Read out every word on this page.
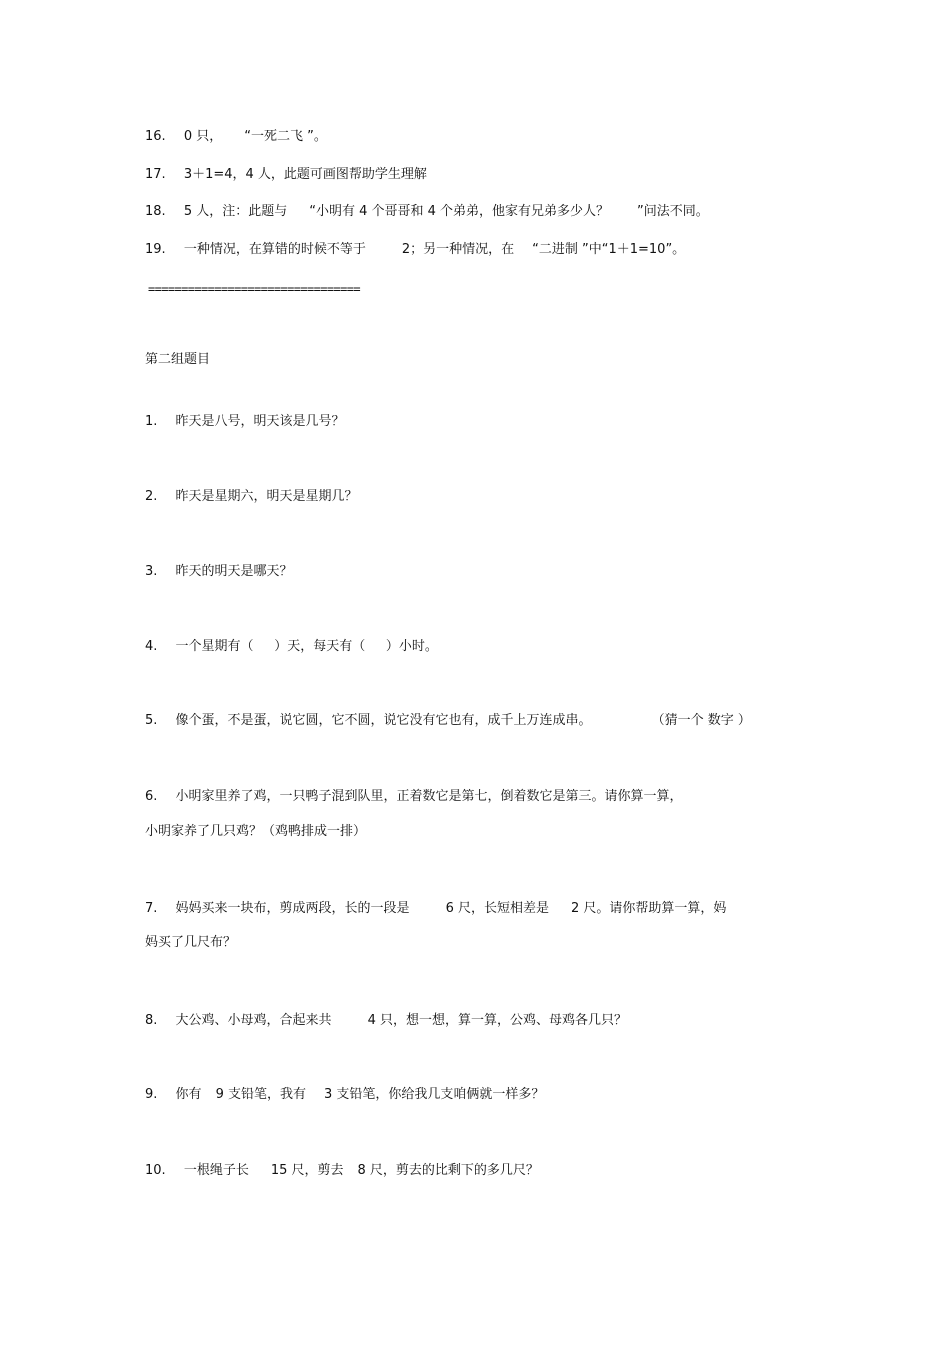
16. 0 只， “一死二飞 ”。
17. 3＋1=4，4 人，此题可画图帮助学生理解
18. 5 人，注：此题与 “小明有 4 个哥哥和 4 个弟弟，他家有兄弟多少人？ ”问法不同。
19. 一种情况，在算错的时候不等于	2；另一种情况，在 “二进制 ”中“1＋1=10”。
================================
第二组题目
1. 昨天是八号，明天该是几号？
2. 昨天是星期六，明天是星期几？
3. 昨天的明天是哪天？
4. 一个星期有（     ）天，每天有（     ）小时。
5. 像个蛋，不是蛋，说它圆，它不圆，说它没有它也有，成千上万连成串。	（猜一个 数字 ）
6. 小明家里养了鸡，一只鸭子混到队里，正着数它是第七，倒着数它是第三。请你算一算，
小明家养了几只鸡？（鸡鸭排成一排）
7. 妈妈买来一块布，剪成两段，长的一段是	6 尺，长短相差是 2 尺。请你帮助算一算，妈
妈买了几尺布？
8. 大公鸡、小母鸡，合起来共	4 只，想一想，算一算，公鸡、母鸡各几只？
9. 你有 9 支铅笔，我有 3 支铅笔，你给我几支咱俩就一样多？
10. 一根绳子长 15 尺，剪去 8 尺，剪去的比剩下的多几尺？
